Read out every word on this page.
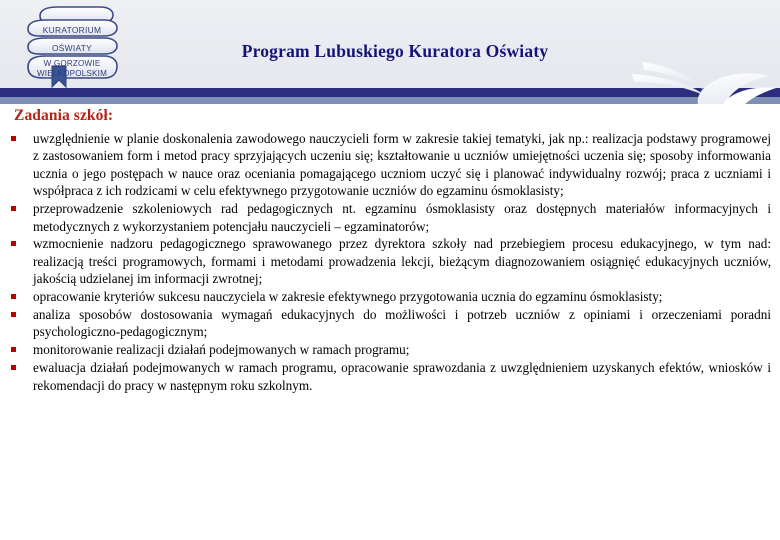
KURATORIUM
OŚWIATY
W GORZOWIE
WIELKOPOLSKIM
Program Lubuskiego Kuratora Oświaty
Zadania szkół:
uwzględnienie w planie doskonalenia zawodowego nauczycieli form w zakresie takiej tematyki, jak np.: realizacja podstawy programowej z zastosowaniem form i metod pracy sprzyjających uczeniu się; kształtowanie u uczniów umiejętności uczenia się; sposoby informowania ucznia o jego postępach w nauce oraz oceniania pomagającego uczniom uczyć się i planować indywidualny rozwój; praca z uczniami i współpraca z ich rodzicami w celu efektywnego przygotowanie uczniów do egzaminu ósmoklasisty;
przeprowadzenie szkoleniowych rad pedagogicznych nt. egzaminu ósmoklasisty oraz dostępnych materiałów informacyjnych i metodycznych z wykorzystaniem potencjału nauczycieli – egzaminatorów;
wzmocnienie nadzoru pedagogicznego sprawowanego przez dyrektora szkoły nad przebiegiem procesu edukacyjnego, w tym nad: realizacją treści programowych, formami i metodami prowadzenia lekcji, bieżącym diagnozowaniem osiągnięć edukacyjnych uczniów, jakością udzielanej im informacji zwrotnej;
opracowanie kryteriów sukcesu nauczyciela w zakresie efektywnego przygotowania ucznia do egzaminu ósmoklasisty;
analiza sposobów dostosowania wymagań edukacyjnych do możliwości i potrzeb uczniów z opiniami i orzeczeniami poradni psychologiczno-pedagogicznym;
monitorowanie realizacji działań podejmowanych w ramach programu;
ewaluacja działań podejmowanych w ramach programu, opracowanie sprawozdania z uwzględnieniem uzyskanych efektów, wniosków i rekomendacji do pracy w następnym roku szkolnym.
